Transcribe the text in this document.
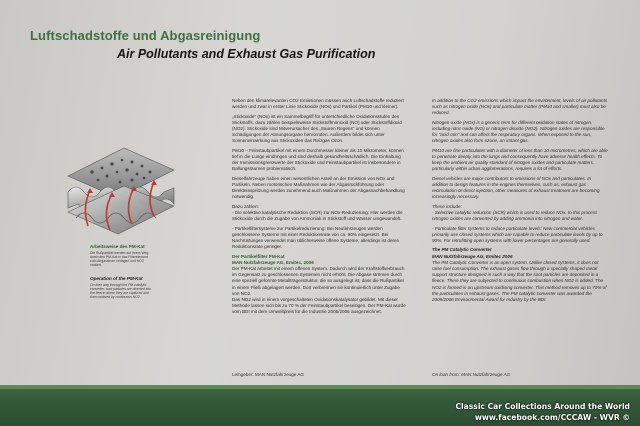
Luftschadstoffe und Abgasreinigung
Air Pollutants and Exhaust Gas Purification
Arbeitsweise des PM-Kat
Die Rußpartikel werden auf ihrem Weg durch den PM-Kat in das Filterelement zum Abgasstrom verlagert und NO2 oxidiert.
Operation of the PM-Kat
On their way through the PM-catalytic converter, soot particles are diverted into the fleece where they are captured and then oxidised by continuous NO2.

Neben den klimarelevanten CO2 Emissionen müssen auch Luftschadstoffe reduziert werden und zwar in erster Linie Stickoxide (NOx) und Partikel (PM10 und kleiner).

„Stickoxide" (NOx) ist ein Sammelbegriff für unterschiedliche Oxidationsstufen des Stickstoffs, dazu zählen beispielsweise Stickstoffmonoxid (NO) oder Stickstoffdioxid (NO2). Stickoxide sind Mitverursacher des „Sauren Regens" und können Schädigungen der Atmungsorgane hervorrufen. Außerdem bildet sich unter Sonneneinwirkung aus Stickoxiden das Reizgas Ozon.

PM10 – Feinstaubpartikel mit einem Durchmesser kleiner als 10 Mikrometer, können tief in die Lunge eindringen und sind deshalb gesundheitsschädlich. Die Einhaltung der Immissionsgrenzwerte der Stickoxide und Feinstaubpartikel ist insbesondere in Ballungsräumen problematisch.

Dieselfahrzeuge haben einen wesentlichen Anteil an der Emission von NOx und Partikeln. Neben motorischen Maßnahmen wie der Abgasrückführung oder Direkteinspritzung werden zunehmend auch Maßnahmen der Abgasnachbehandlung notwendig.

Dazu zählen:

- Die selektive katalytische Reduktion (SCR) zur NOx-Reduzierung: Hier werden die Stickoxide durch die Zugabe von Ammoniak in Stickstoff und Wasser umgewandelt.

- Partikelfiltersysteme zur Partikelreduzierung: Bei Neufahrzeugen werden geschlossene Systeme mit einer Reduktionsrate von ca. 90% eingesetzt. Bei Nachrüstungen verwendet man üblicherweise offene Systeme, allerdings ist deren Reduktionsrate geringer.

Der Partikelfilter PM-Kat
MAN Nutzfahrzeuge AG, Emitec, 2006

Der PM-Kat arbeitet mit einem offenen System. Dadurch wird der Kraftstoffverbrauch im Gegensatz zu geschlossenen Systemen nicht erhöht. Die Abgase strömen durch eine speziell geformte Metallträgerstruktur, die so ausgelegt ist, dass die Rußpartikel in einem Fließ abgelagert werden. Dort verbrennen sie kontinuierlich unter Zugabe von NO2.

Das NO2 wird in einem vorgeschalteten Oxidationskatalysator gebildet. Mit dieser Methode lassen sich bis zu 70 % der Feinstaubpartikel beseitigen. Der PM-Kat wurde vom BDI mit dem Umweltpreis für die Industrie 2005/2006 ausgezeichnet.

Leihgeber: MAN Nutzfahrzeuge AG

In addition to the CO2 emissions which impact the environment, levels of air pollutants such as nitrogen oxide (NOx) and particulate matter (PM10 and smaller) must also be reduced.

Nitrogen oxide (NOx) is a generic term for different oxidation states of nitrogen, including nitric oxide (NO) or nitrogen dioxide (NO2). Nitrogen oxides are responsible for "acid rain" and can affect the respiratory organs. When exposed to the sun, nitrogen oxides also form ozone, an irritant gas.

PM10 are fine particulates with a diameter of less than 10 micrometres, which are able to penetrate deeply into the lungs and consequently have adverse health effects. To keep the ambient air quality standard of nitrogen oxides and particulate matters, particularly within urban agglomerations, requires a lot of efforts.

Diesel vehicles are major contributors to emissions of NOx and particulates. In addition to design features in the engines themselves, such as, exhaust gas recirculation or direct injection, other measures of exhaust treatment are becoming increasingly necessary.

These include:

- Selective catalytic reduction (SCR) which is used to reduce NOx. In this process nitrogen oxides are converted by adding ammonia into nitrogen and water.

- Particulate filter systems to reduce particulate levels: New commercial vehicles primarily use closed systems which are capable to reduce particulate levels by up to 90%. For retrofitting open systems with lower percentages are generally used.

The PM Catalytic Converter
MAN Nutzfahrzeuge AG, Emitec 2006

The PM Catalytic Converter is an open system. Unlike closed systems, it does not raise fuel consumption. The exhaust gases flow through a specially shaped metal support structure designed in such a way that the soot particles are deposited in a fleece. There they are subjected to continuous combustion when NO2 is added. The NO2 is formed in an upstream oxidising converter. This method removes up to 70% of the particulates in exhaust gases. The PM catalytic converter was awarded the 2005/2006 Environmental Award for Industry by the BDI.

On loan from: MAN Nutzfahrzeuge AG
Classic Car Collections Around the World
www.facebook.com/CCCAW - WVR ©
